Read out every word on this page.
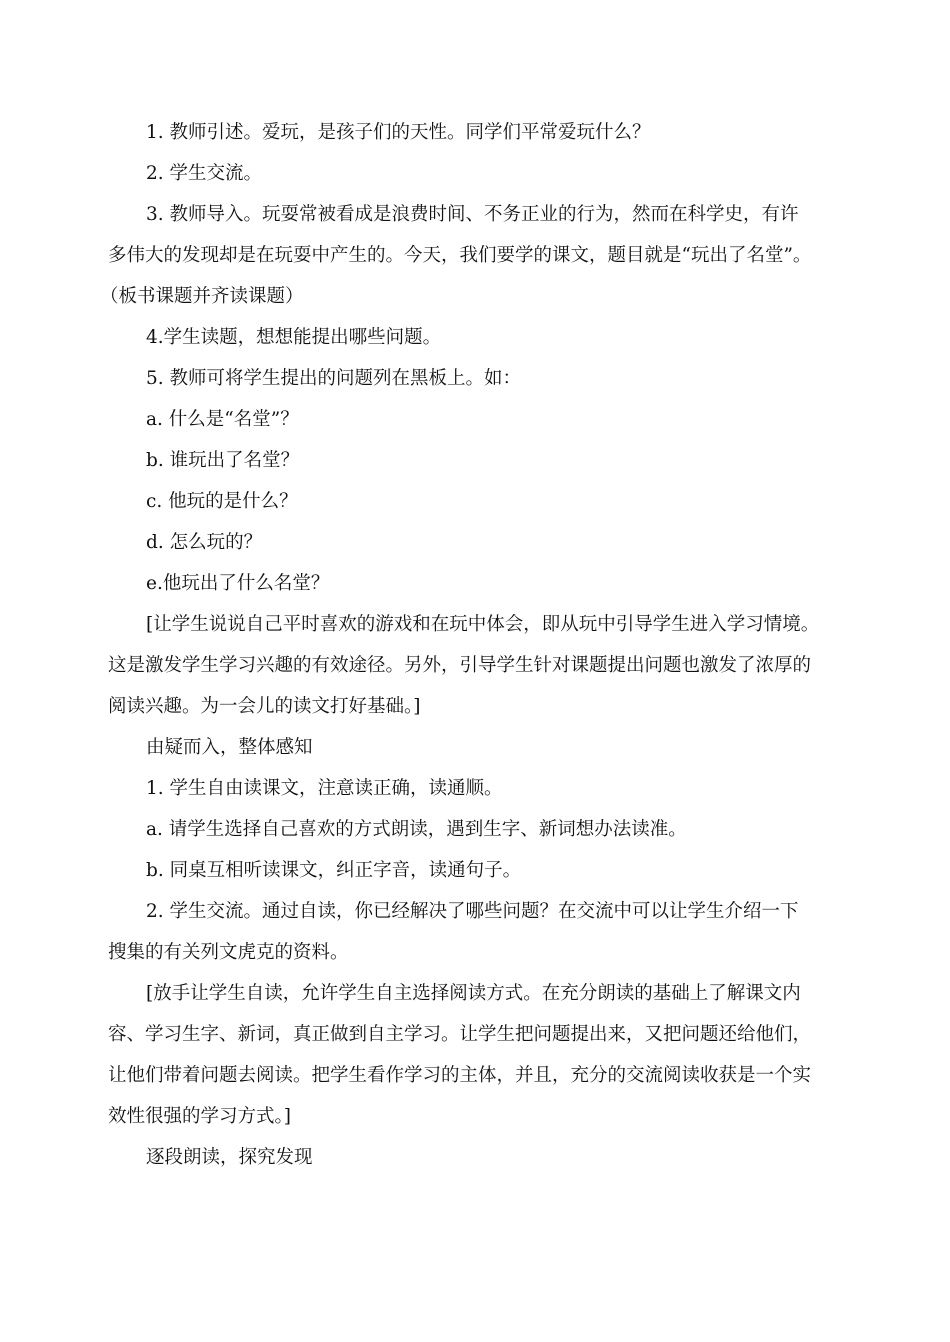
1. 教师引述。爱玩，是孩子们的天性。同学们平常爱玩什么？
2. 学生交流。
3. 教师导入。玩耍常被看成是浪费时间、不务正业的行为，然而在科学史，有许
多伟大的发现却是在玩耍中产生的。今天，我们要学的课文，题目就是“玩出了名堂”。
（板书课题并齐读课题）
4.学生读题，想想能提出哪些问题。
5. 教师可将学生提出的问题列在黑板上。如：
a. 什么是“名堂”？
b. 谁玩出了名堂？
c. 他玩的是什么？
d. 怎么玩的？
e.他玩出了什么名堂？
[让学生说说自己平时喜欢的游戏和在玩中体会，即从玩中引导学生进入学习情境。
这是激发学生学习兴趣的有效途径。另外，引导学生针对课题提出问题也激发了浓厚的
阅读兴趣。为一会儿的读文打好基础。]
由疑而入，整体感知
1. 学生自由读课文，注意读正确，读通顺。
a. 请学生选择自己喜欢的方式朗读，遇到生字、新词想办法读准。
b. 同桌互相听读课文，纠正字音，读通句子。
2. 学生交流。通过自读，你已经解决了哪些问题？在交流中可以让学生介绍一下
搜集的有关列文虎克的资料。
[放手让学生自读，允许学生自主选择阅读方式。在充分朗读的基础上了解课文内
容、学习生字、新词，真正做到自主学习。让学生把问题提出来，又把问题还给他们，
让他们带着问题去阅读。把学生看作学习的主体，并且，充分的交流阅读收获是一个实
效性很强的学习方式。]
逐段朗读，探究发现
